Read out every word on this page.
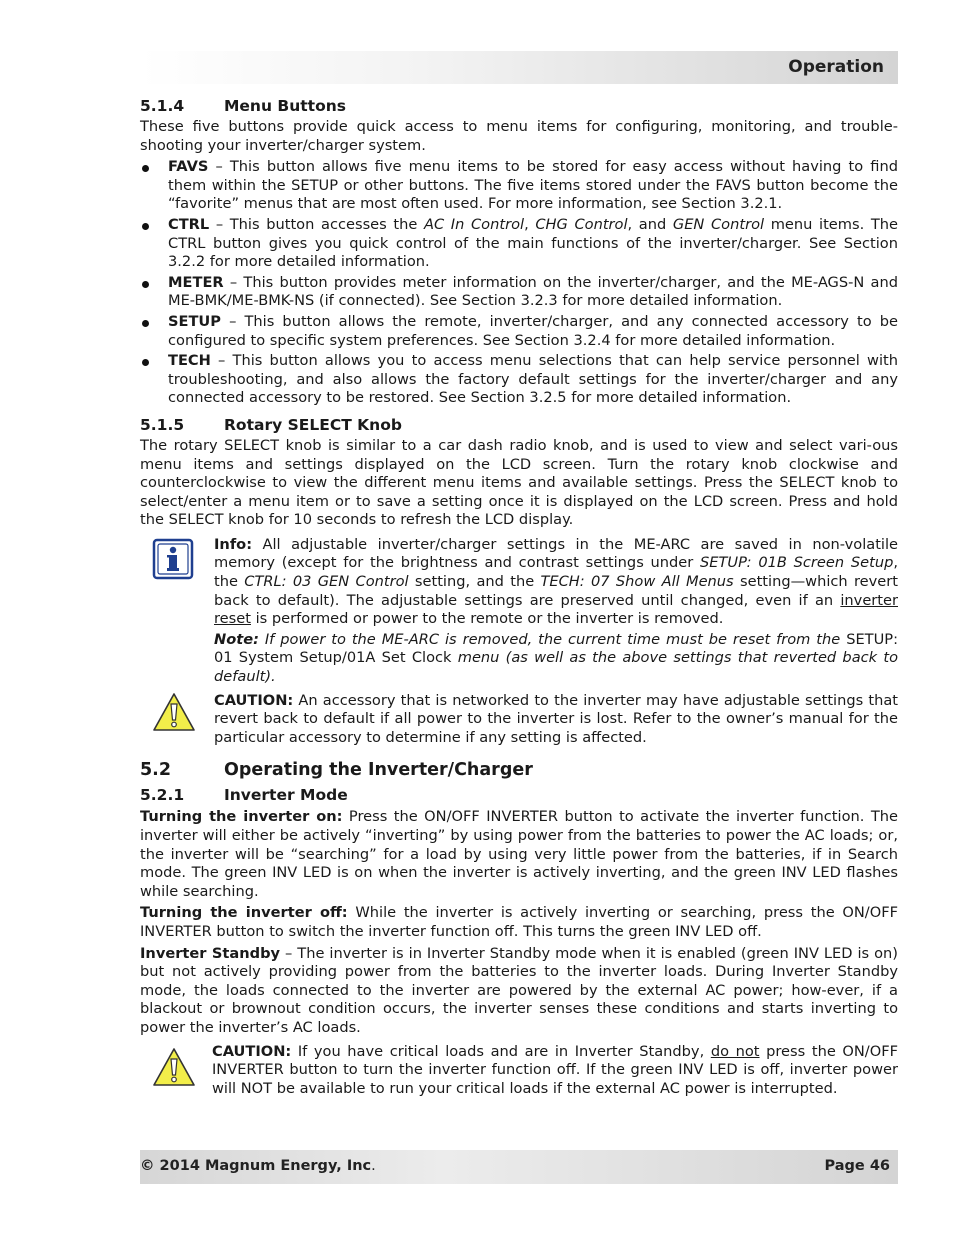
Operation
5.1.4	Menu Buttons

These five buttons provide quick access to menu items for configuring, monitoring, and trouble-shooting your inverter/charger system.

FAVS – This button allows five menu items to be stored for easy access without having to find them within the SETUP or other buttons. The five items stored under the FAVS button become the “favorite” menus that are most often used. For more information, see Section 3.2.1.
CTRL – This button accesses the AC In Control, CHG Control, and GEN Control menu items. The CTRL button gives you quick control of the main functions of the inverter/charger. See Section 3.2.2 for more detailed information.
METER – This button provides meter information on the inverter/charger, and the ME-AGS-N and ME-BMK/ME-BMK-NS (if connected). See Section 3.2.3 for more detailed information.
SETUP – This button allows the remote, inverter/charger, and any connected accessory to be configured to specific system preferences. See Section 3.2.4 for more detailed information.
TECH – This button allows you to access menu selections that can help service personnel with troubleshooting, and also allows the factory default settings for the inverter/charger and any connected accessory to be restored. See Section 3.2.5 for more detailed information.
5.1.5	Rotary SELECT Knob

The rotary SELECT knob is similar to a car dash radio knob, and is used to view and select vari-ous menu items and settings displayed on the LCD screen. Turn the rotary knob clockwise and counterclockwise to view the different menu items and available settings. Press the SELECT knob to select/enter a menu item or to save a setting once it is displayed on the LCD screen. Press and hold the SELECT knob for 10 seconds to refresh the LCD display.

Info: All adjustable inverter/charger settings in the ME-ARC are saved in non-volatile memory (except for the brightness and contrast settings under SETUP: 01B Screen Setup, the CTRL: 03 GEN Control setting, and the TECH: 07 Show All Menus setting—which revert back to default). The adjustable settings are preserved until changed, even if an inverter reset is performed or power to the remote or the inverter is removed.

Note: If power to the ME-ARC is removed, the current time must be reset from the SETUP: 01 System Setup/01A Set Clock menu (as well as the above settings that reverted back to default).

CAUTION: An accessory that is networked to the inverter may have adjustable settings that revert back to default if all power to the inverter is lost. Refer to the owner’s manual for the particular accessory to determine if any setting is affected.

5.2	Operating the Inverter/Charger
5.2.1	Inverter Mode

Turning the inverter on: Press the ON/OFF INVERTER button to activate the inverter function. The inverter will either be actively “inverting” by using power from the batteries to power the AC loads; or, the inverter will be “searching” for a load by using very little power from the batteries, if in Search mode. The green INV LED is on when the inverter is actively inverting, and the green INV LED flashes while searching.

Turning the inverter off: While the inverter is actively inverting or searching, press the ON/OFF INVERTER button to switch the inverter function off. This turns the green INV LED off.

Inverter Standby – The inverter is in Inverter Standby mode when it is enabled (green INV LED is on) but not actively providing power from the batteries to the inverter loads. During Inverter Standby mode, the loads connected to the inverter are powered by the external AC power; how-ever, if a blackout or brownout condition occurs, the inverter senses these conditions and starts inverting to power the inverter’s AC loads.

CAUTION: If you have critical loads and are in Inverter Standby, do not press the ON/OFF INVERTER button to turn the inverter function off. If the green INV LED is off, inverter power will NOT be available to run your critical loads if the external AC power is interrupted.

© 2014 Magnum Energy, Inc.	Page 46
